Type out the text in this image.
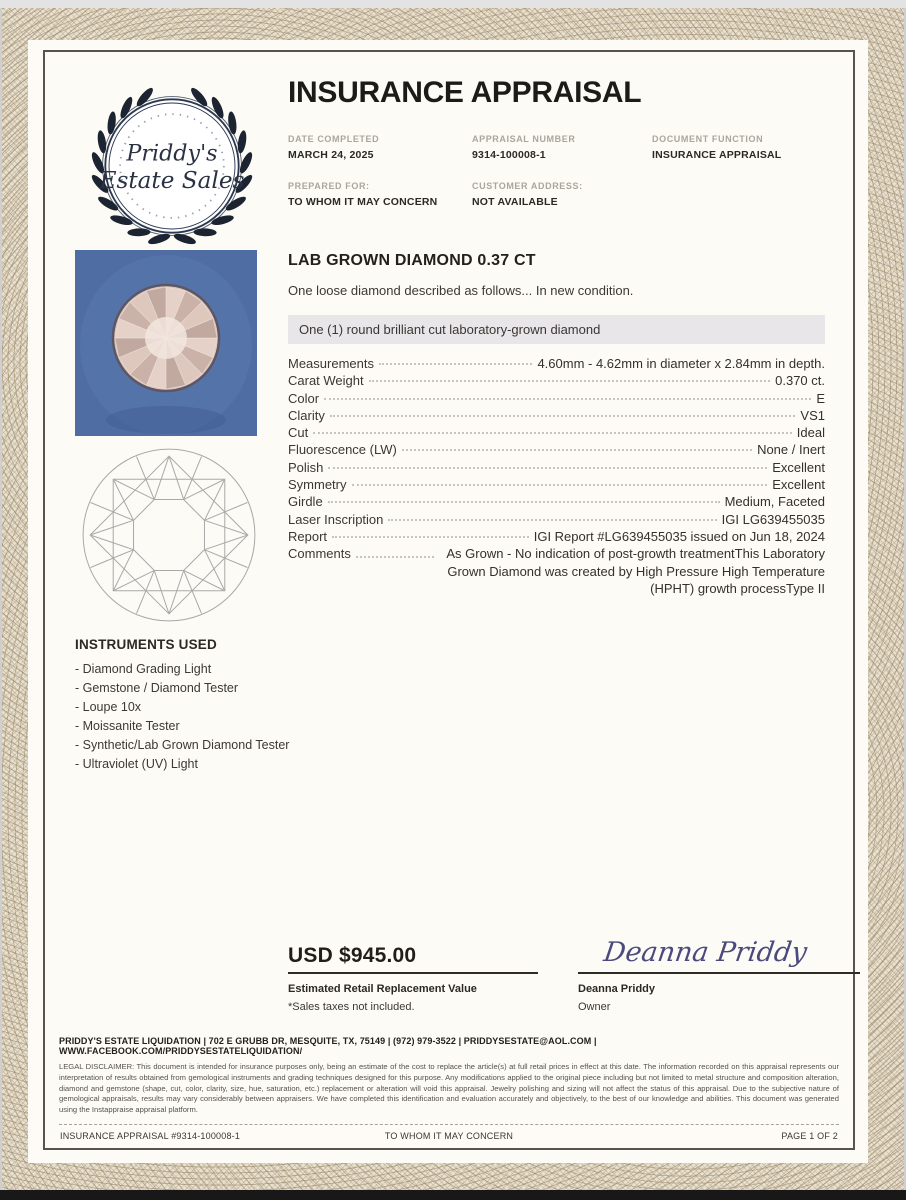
Priddy's
Estate Sales
INSURANCE APPRAISAL
DATE COMPLETED
MARCH 24, 2025
APPRAISAL NUMBER
9314-100008-1
DOCUMENT FUNCTION
INSURANCE APPRAISAL
PREPARED FOR:
TO WHOM IT MAY CONCERN
CUSTOMER ADDRESS:
NOT AVAILABLE
INSTRUMENTS USED
- Diamond Grading Light
- Gemstone / Diamond Tester
- Loupe 10x
- Moissanite Tester
- Synthetic/Lab Grown Diamond Tester
- Ultraviolet (UV) Light
LAB GROWN DIAMOND 0.37 CT
One loose diamond described as follows... In new condition.
One (1) round brilliant cut laboratory-grown diamond
Measurements	4.60mm - 4.62mm in diameter x 2.84mm in depth.
Carat Weight	0.370 ct.
Color	E
Clarity	VS1
Cut	Ideal
Fluorescence (LW)	None / Inert
Polish	Excellent
Symmetry	Excellent
Girdle	Medium, Faceted
Laser Inscription	IGI LG639455035
Report	IGI Report #LG639455035 issued on Jun 18, 2024
Comments	As Grown - No indication of post-growth treatmentThis Laboratory Grown Diamond was created by High Pressure High Temperature (HPHT) growth processType II
USD $945.00
Estimated Retail Replacement Value
*Sales taxes not included.
Deanna Priddy
Deanna Priddy
Owner
PRIDDY'S ESTATE LIQUIDATION | 702 E GRUBB DR, MESQUITE, TX, 75149 | (972) 979-3522 | PRIDDYSESTATE@AOL.COM | WWW.FACEBOOK.COM/PRIDDYSESTATELIQUIDATION/
LEGAL DISCLAIMER: This document is intended for insurance purposes only, being an estimate of the cost to replace the article(s) at full retail prices in effect at this date. The information recorded on this appraisal represents our interpretation of results obtained from gemological instruments and grading techniques designed for this purpose. Any modifications applied to the original piece including but not limited to metal structure and composition alteration, diamond and gemstone (shape, cut, color, clarity, size, hue, saturation, etc.) replacement or alteration will void this appraisal. Jewelry polishing and sizing will not affect the status of this appraisal. Due to the subjective nature of gemological appraisals, results may vary considerably between appraisers. We have completed this identification and evaluation accurately and objectively, to the best of our knowledge and abilities. This document was generated using the Instappraise appraisal platform.
INSURANCE APPRAISAL #9314-100008-1	TO WHOM IT MAY CONCERN	PAGE 1 OF 2
